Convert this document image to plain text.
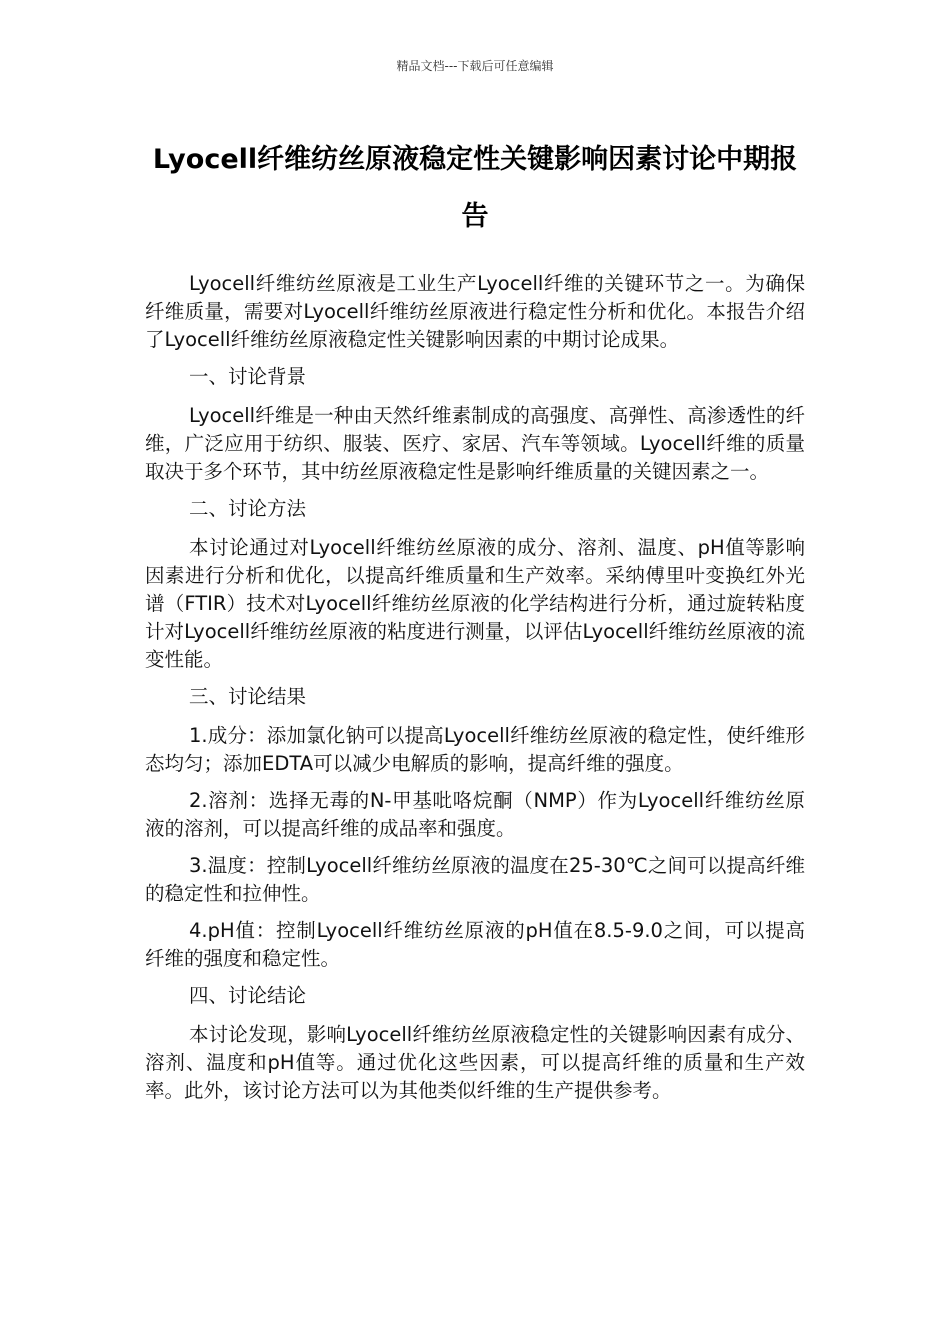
精品文档---下载后可任意编辑
Lyocell纤维纺丝原液稳定性关键影响因素讨论中期报告

Lyocell纤维纺丝原液是工业生产Lyocell纤维的关键环节之一。为确保纤维质量，需要对Lyocell纤维纺丝原液进行稳定性分析和优化。本报告介绍了Lyocell纤维纺丝原液稳定性关键影响因素的中期讨论成果。

一、讨论背景

Lyocell纤维是一种由天然纤维素制成的高强度、高弹性、高渗透性的纤维，广泛应用于纺织、服装、医疗、家居、汽车等领域。Lyocell纤维的质量取决于多个环节，其中纺丝原液稳定性是影响纤维质量的关键因素之一。

二、讨论方法

本讨论通过对Lyocell纤维纺丝原液的成分、溶剂、温度、pH值等影响因素进行分析和优化，以提高纤维质量和生产效率。采纳傅里叶变换红外光谱（FTIR）技术对Lyocell纤维纺丝原液的化学结构进行分析，通过旋转粘度计对Lyocell纤维纺丝原液的粘度进行测量，以评估Lyocell纤维纺丝原液的流变性能。

三、讨论结果

1.成分：添加氯化钠可以提高Lyocell纤维纺丝原液的稳定性，使纤维形态均匀；添加EDTA可以减少电解质的影响，提高纤维的强度。

2.溶剂：选择无毒的N-甲基吡咯烷酮（NMP）作为Lyocell纤维纺丝原液的溶剂，可以提高纤维的成品率和强度。

3.温度：控制Lyocell纤维纺丝原液的温度在25-30℃之间可以提高纤维的稳定性和拉伸性。

4.pH值：控制Lyocell纤维纺丝原液的pH值在8.5-9.0之间，可以提高纤维的强度和稳定性。

四、讨论结论

本讨论发现，影响Lyocell纤维纺丝原液稳定性的关键影响因素有成分、溶剂、温度和pH值等。通过优化这些因素，可以提高纤维的质量和生产效率。此外，该讨论方法可以为其他类似纤维的生产提供参考。
